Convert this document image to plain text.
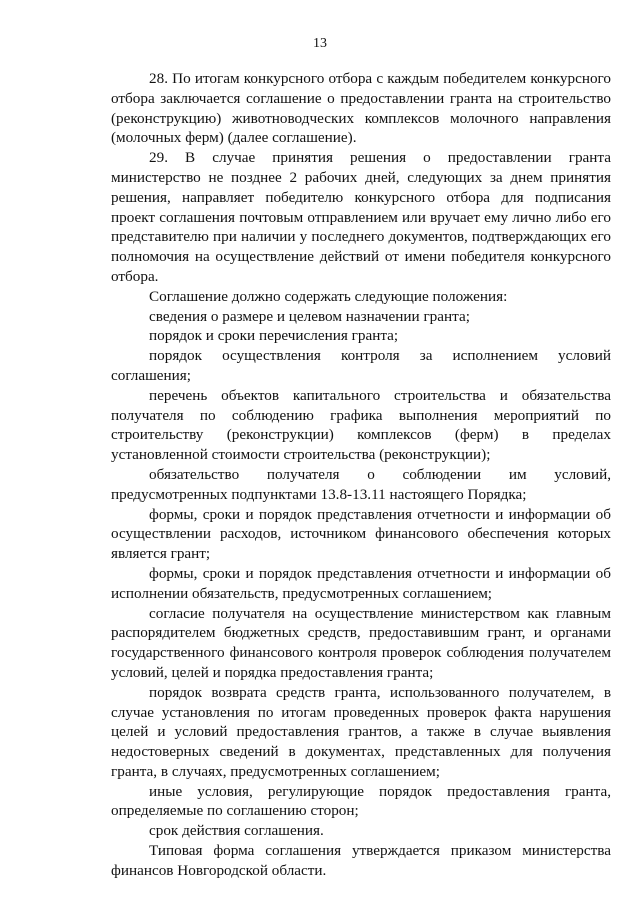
13

28. По итогам конкурсного отбора с каждым победителем конкурсного отбора заключается соглашение о предоставлении гранта на строительство (реконструкцию) животноводческих комплексов молочного направления (молочных ферм) (далее соглашение).

29. В случае принятия решения о предоставлении гранта министерство не позднее 2 рабочих дней, следующих за днем принятия решения, направляет победителю конкурсного отбора для подписания проект соглашения почтовым отправлением или вручает ему лично либо его представителю при наличии у последнего документов, подтверждающих его полномочия на осуществление действий от имени победителя конкурсного отбора.

Соглашение должно содержать следующие положения:

сведения о размере и целевом назначении гранта;

порядок и сроки перечисления гранта;

порядок осуществления контроля за исполнением условий соглашения;

перечень объектов капитального строительства и обязательства получателя по соблюдению графика выполнения мероприятий по строительству (реконструкции) комплексов (ферм) в пределах установленной стоимости строительства (реконструкции);

обязательство получателя о соблюдении им условий, предусмотренных подпунктами 13.8-13.11 настоящего Порядка;

формы, сроки и порядок представления отчетности и информации об осуществлении расходов, источником финансового обеспечения которых является грант;

формы, сроки и порядок представления отчетности и информации об исполнении обязательств, предусмотренных соглашением;

согласие получателя на осуществление министерством как главным распорядителем бюджетных средств, предоставившим грант, и органами государственного финансового контроля проверок соблюдения получателем условий, целей и порядка предоставления гранта;

порядок возврата средств гранта, использованного получателем, в случае установления по итогам проведенных проверок факта нарушения целей и условий предоставления грантов, а также в случае выявления недостоверных сведений в документах, представленных для получения гранта, в случаях, предусмотренных соглашением;

иные условия, регулирующие порядок предоставления гранта, определяемые по соглашению сторон;

срок действия соглашения.

Типовая форма соглашения утверждается приказом министерства финансов Новгородской области.
